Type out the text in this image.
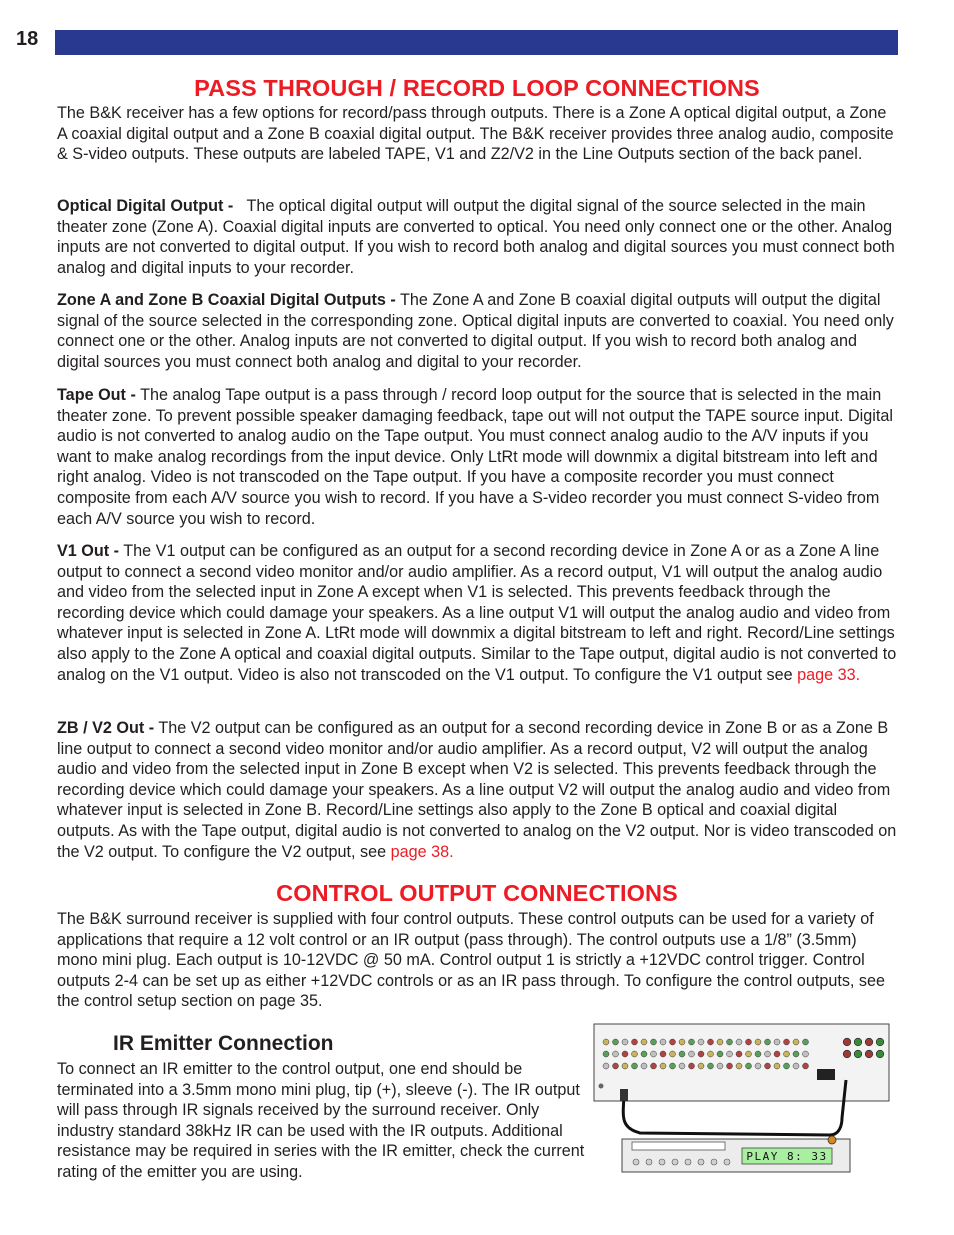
18
PASS THROUGH / RECORD LOOP CONNECTIONS

The B&K receiver has a few options for record/pass through outputs. There is a Zone A optical digital output, a Zone A coaxial digital output and a Zone B coaxial digital output. The B&K receiver provides three analog audio, composite & S-video outputs. These outputs are labeled TAPE, V1 and Z2/V2 in the Line Outputs section of the back panel.

Optical Digital Output - The optical digital output will output the digital signal of the source selected in the main theater zone (Zone A). Coaxial digital inputs are converted to optical. You need only connect one or the other. Analog inputs are not converted to digital output. If you wish to record both analog and digital sources you must connect both analog and digital inputs to your recorder.

Zone A and Zone B Coaxial Digital Outputs - The Zone A and Zone B coaxial digital outputs will output the digital signal of the source selected in the corresponding zone. Optical digital inputs are converted to coaxial. You need only connect one or the other. Analog inputs are not converted to digital output. If you wish to record both analog and digital sources you must connect both analog and digital to your recorder.

Tape Out - The analog Tape output is a pass through / record loop output for the source that is selected in the main theater zone. To prevent possible speaker damaging feedback, tape out will not output the TAPE source input. Digital audio is not converted to analog audio on the Tape output. You must connect analog audio to the A/V inputs if you want to make analog recordings from the input device. Only LtRt mode will downmix a digital bitstream into left and right analog. Video is not transcoded on the Tape output. If you have a composite recorder you must connect composite from each A/V source you wish to record. If you have a S-video recorder you must connect S-video from each A/V source you wish to record.

V1 Out - The V1 output can be configured as an output for a second recording device in Zone A or as a Zone A line output to connect a second video monitor and/or audio amplifier. As a record output, V1 will output the analog audio and video from the selected input in Zone A except when V1 is selected. This prevents feedback through the recording device which could damage your speakers. As a line output V1 will output the analog audio and video from whatever input is selected in Zone A. LtRt mode will downmix a digital bitstream to left and right. Record/Line settings also apply to the Zone A optical and coaxial digital outputs. Similar to the Tape output, digital audio is not converted to analog on the V1 output. Video is also not transcoded on the V1 output. To configure the V1 output see page 33.

ZB / V2 Out - The V2 output can be configured as an output for a second recording device in Zone B or as a Zone B line output to connect a second video monitor and/or audio amplifier. As a record output, V2 will output the analog audio and video from the selected input in Zone B except when V2 is selected. This prevents feedback through the recording device which could damage your speakers. As a line output V2 will output the analog audio and video from whatever input is selected in Zone B. Record/Line settings also apply to the Zone B optical and coaxial digital outputs. As with the Tape output, digital audio is not converted to analog on the V2 output. Nor is video transcoded on the V2 output. To configure the V2 output, see page 38.

CONTROL OUTPUT CONNECTIONS

The B&K surround receiver is supplied with four control outputs. These control outputs can be used for a variety of applications that require a 12 volt control or an IR output (pass through). The control outputs use a 1/8” (3.5mm) mono mini plug. Each output is 10-12VDC @ 50 mA. Control output 1 is strictly a +12VDC control trigger. Control outputs 2-4 can be set up as either +12VDC controls or as an IR pass through. To configure the control outputs, see the control setup section on page 35.

IR Emitter Connection

To connect an IR emitter to the control output, one end should be terminated into a 3.5mm mono mini plug, tip (+), sleeve (-). The IR output will pass through IR signals received by the surround receiver. Only industry standard 38kHz IR can be used with the IR outputs. Additional resistance may be required in series with the IR emitter, check the current rating of the emitter you are using.

PLAY 8: 33
